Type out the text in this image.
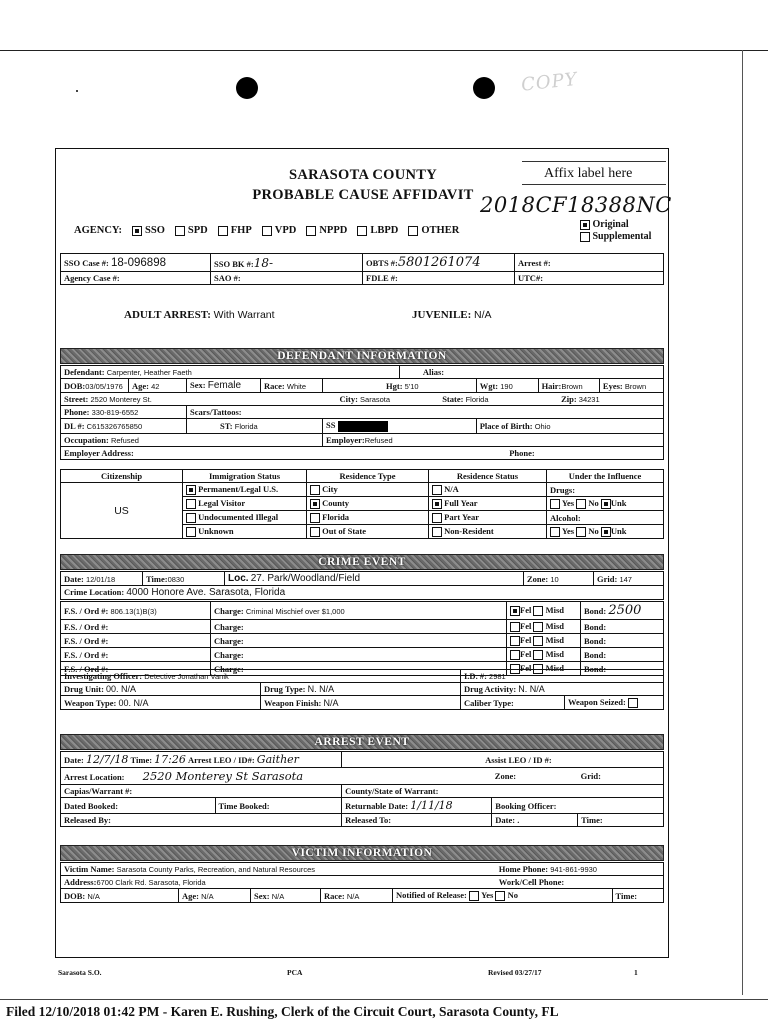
COPY
SARASOTA COUNTY
PROBABLE CAUSE AFFIDAVIT
Affix label here
2018CF18388NC
AGENCY: SSO SPD FHP VPD NPPD LBPD OTHER
Original
Supplemental
SSO Case #: 18-096898	SSO BK #:18-	OBTS #:5801261074	Arrest #:
Agency Case #:	SAO #:	FDLE #:	UTC#:
ADULT ARREST: With Warrant	JUVENILE: N/A
DEFENDANT INFORMATION
Defendant: Carpenter, Heather Faeth					Alias:			
DOB:03/05/1976	Age: 42	Sex: Female	Race: White	Hgt: 5'10		Wgt: 190	Hair:Brown	Eyes: Brown
Street: 2520 Monterey St.				City: Sarasota State: Florida			Zip: 34231	
Phone: 330-819-6552		Scars/Tattoos:						
DL #: C615326765850		ST: Florida		SS		Place of Birth: Ohio		
Occupation: Refused				Employer:Refused				
Employer Address:						Phone:		
Citizenship	Immigration Status	Residence Type	Residence Status	Under the Influence
US	Permanent/Legal U.S.	City	N/A	Drugs:
	Legal Visitor	County	Full Year	Yes No Unk
	Undocumented Illegal	Florida	Part Year	Alcohol:
	Unknown	Out of State	Non-Resident	Yes No Unk
CRIME EVENT
Date: 12/01/18	Time:0830	Loc. 27. Park/Woodland/Field	Zone: 10	Grid: 147
Crime Location: 4000 Honore Ave. Sarasota, Florida
F.S. / Ord #: 806.13(1)B(3)	Charge: Criminal Mischief over $1,000	Fel Misd	Bond: 2500
F.S. / Ord #:	Charge:	Fel Misd	Bond:
F.S. / Ord #:	Charge:	Fel Misd	Bond:
F.S. / Ord #:	Charge:	Fel Misd	Bond:
F.S. / Ord #:	Charge:	Fel Misd	Bond:
Investigating Officer: Detective Jonathan Vanik		I.D. #: 2981	
Drug Unit: 00. N/A	Drug Type: N. N/A	Drug Activity: N. N/A	
Weapon Type: 00. N/A	Weapon Finish: N/A	Caliber Type:	Weapon Seized:
ARREST EVENT
Date: 12/7/18 Time: 17:26 Arrest LEO / ID#: Gaither		Assist LEO / ID #:		
Arrest Location: 2520 Monterey St Sarasota			Zone:	Grid:
Capias/Warrant #:		County/State of Warrant:		
Dated Booked:	Time Booked:	Returnable Date: 1/11/18	Booking Officer:	
Released By:		Released To:	Date: .	Time:
VICTIM INFORMATION
Victim Name: Sarasota County Parks, Recreation, and Natural Resources					Home Phone: 941-861-9930	
Address:6700 Clark Rd. Sarasota, Florida					Work/Cell Phone:	
DOB: N/A	Age: N/A	Sex: N/A	Race: N/A	Notified of Release: Yes No		Time:
Sarasota S.O.	PCA	Revised 03/27/17	1
Filed 12/10/2018 01:42 PM - Karen E. Rushing, Clerk of the Circuit Court, Sarasota County, FL
